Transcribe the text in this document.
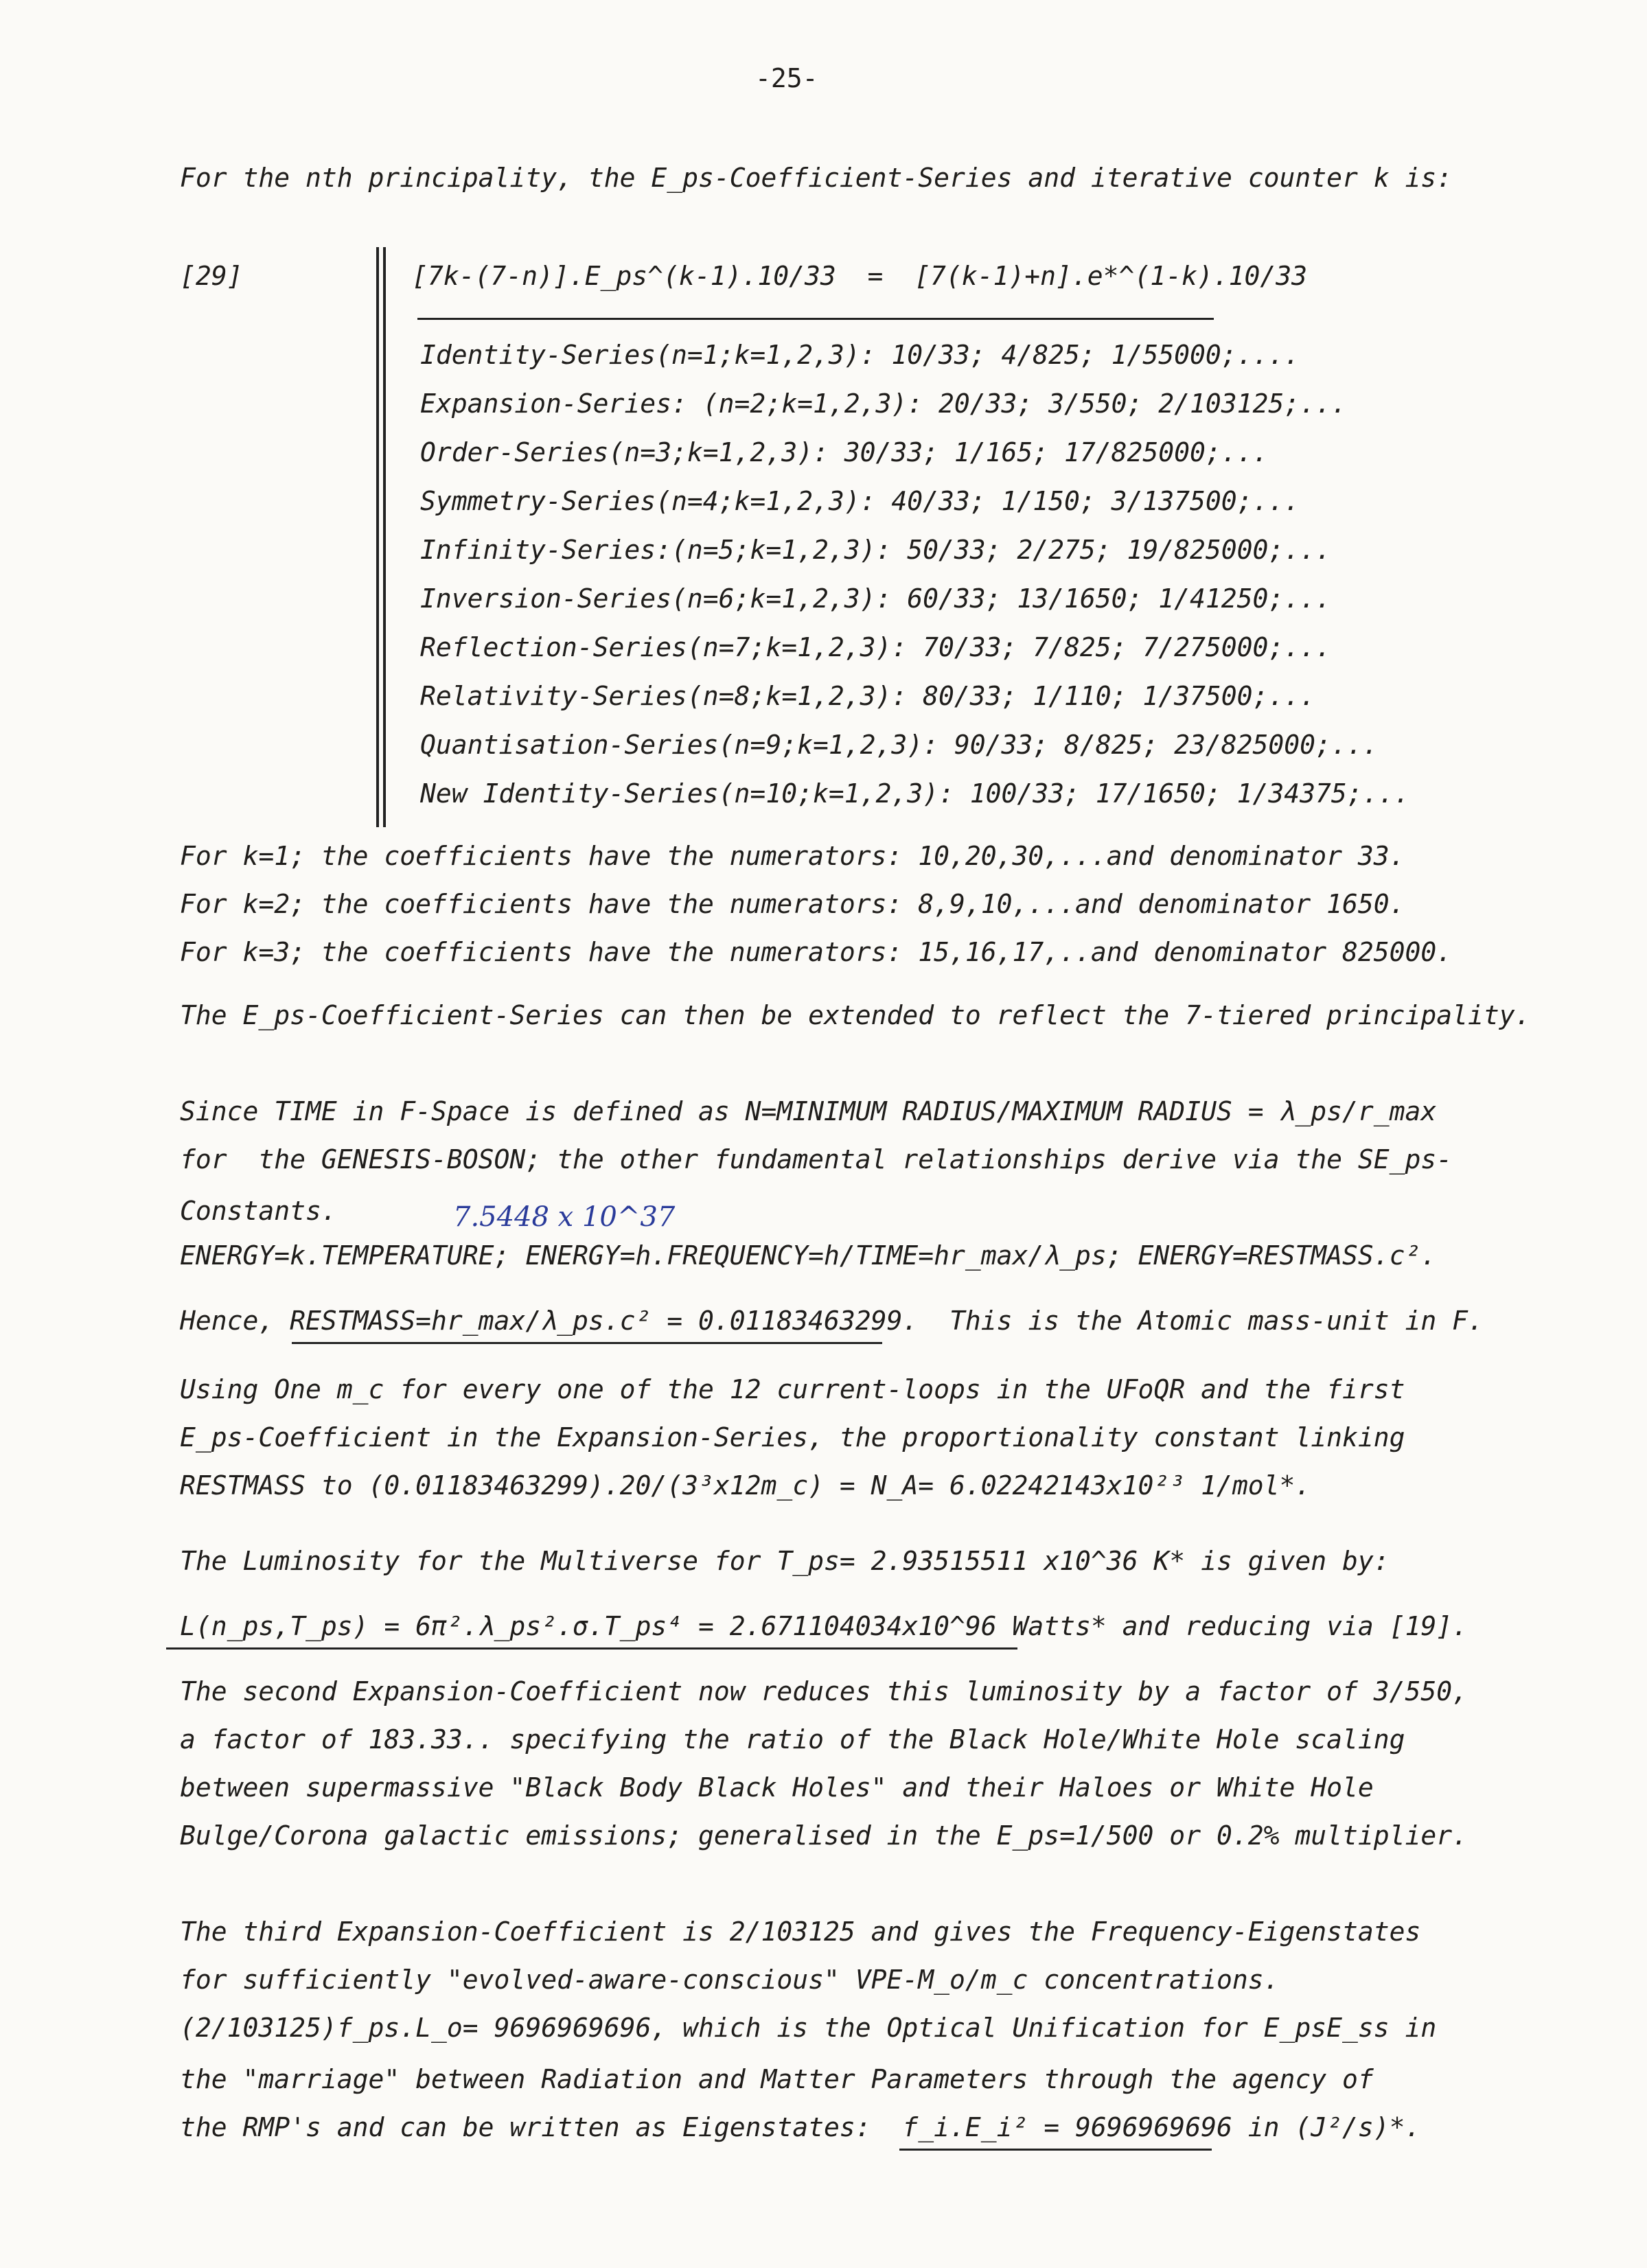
-25-
For the nth principality, the E_ps-Coefficient-Series and iterative counter k is:
[29]	[7k-(7-n)].E_ps^(k-1).10/33  =  [7(k-1)+n].e*^(1-k).10/33
Identity-Series(n=1;k=1,2,3): 10/33; 4/825; 1/55000;....
Expansion-Series: (n=2;k=1,2,3): 20/33; 3/550; 2/103125;...
Order-Series(n=3;k=1,2,3): 30/33; 1/165; 17/825000;...
Symmetry-Series(n=4;k=1,2,3): 40/33; 1/150; 3/137500;...
Infinity-Series:(n=5;k=1,2,3): 50/33; 2/275; 19/825000;...
Inversion-Series(n=6;k=1,2,3): 60/33; 13/1650; 1/41250;...
Reflection-Series(n=7;k=1,2,3): 70/33; 7/825; 7/275000;...
Relativity-Series(n=8;k=1,2,3): 80/33; 1/110; 1/37500;...
Quantisation-Series(n=9;k=1,2,3): 90/33; 8/825; 23/825000;...
New Identity-Series(n=10;k=1,2,3): 100/33; 17/1650; 1/34375;...
For k=1; the coefficients have the numerators: 10,20,30,...and denominator 33.
For k=2; the coefficients have the numerators: 8,9,10,...and denominator 1650.
For k=3; the coefficients have the numerators: 15,16,17,..and denominator 825000.
The E_ps-Coefficient-Series can then be extended to reflect the 7-tiered principality.
Since TIME in F-Space is defined as N=MINIMUM RADIUS/MAXIMUM RADIUS = λ_ps/r_max
for  the GENESIS-BOSON; the other fundamental relationships derive via the SE_ps-
Constants.	7.5448 x 10^37
ENERGY=k.TEMPERATURE; ENERGY=h.FREQUENCY=h/TIME=hr_max/λ_ps; ENERGY=RESTMASS.c².
Hence, RESTMASS=hr_max/λ_ps.c² = 0.01183463299.  This is the Atomic mass-unit in F.
Using One m_c for every one of the 12 current-loops in the UFoQR and the first
E_ps-Coefficient in the Expansion-Series, the proportionality constant linking
RESTMASS to (0.01183463299).20/(3³x12m_c) = N_A= 6.02242143x10²³ 1/mol*.
The Luminosity for the Multiverse for T_ps= 2.93515511 x10^36 K* is given by:
L(n_ps,T_ps) = 6π².λ_ps².σ.T_ps⁴ = 2.671104034x10^96 Watts* and reducing via [19].
The second Expansion-Coefficient now reduces this luminosity by a factor of 3/550,
a factor of 183.33.. specifying the ratio of the Black Hole/White Hole scaling
between supermassive "Black Body Black Holes" and their Haloes or White Hole
Bulge/Corona galactic emissions; generalised in the E_ps=1/500 or 0.2% multiplier.
The third Expansion-Coefficient is 2/103125 and gives the Frequency-Eigenstates
for sufficiently "evolved-aware-conscious" VPE-M_o/m_c concentrations.
(2/103125)f_ps.L_o= 9696969696, which is the Optical Unification for E_psE_ss in
the "marriage" between Radiation and Matter Parameters through the agency of
the RMP's and can be written as Eigenstates:  f_i.E_i² = 9696969696 in (J²/s)*.
